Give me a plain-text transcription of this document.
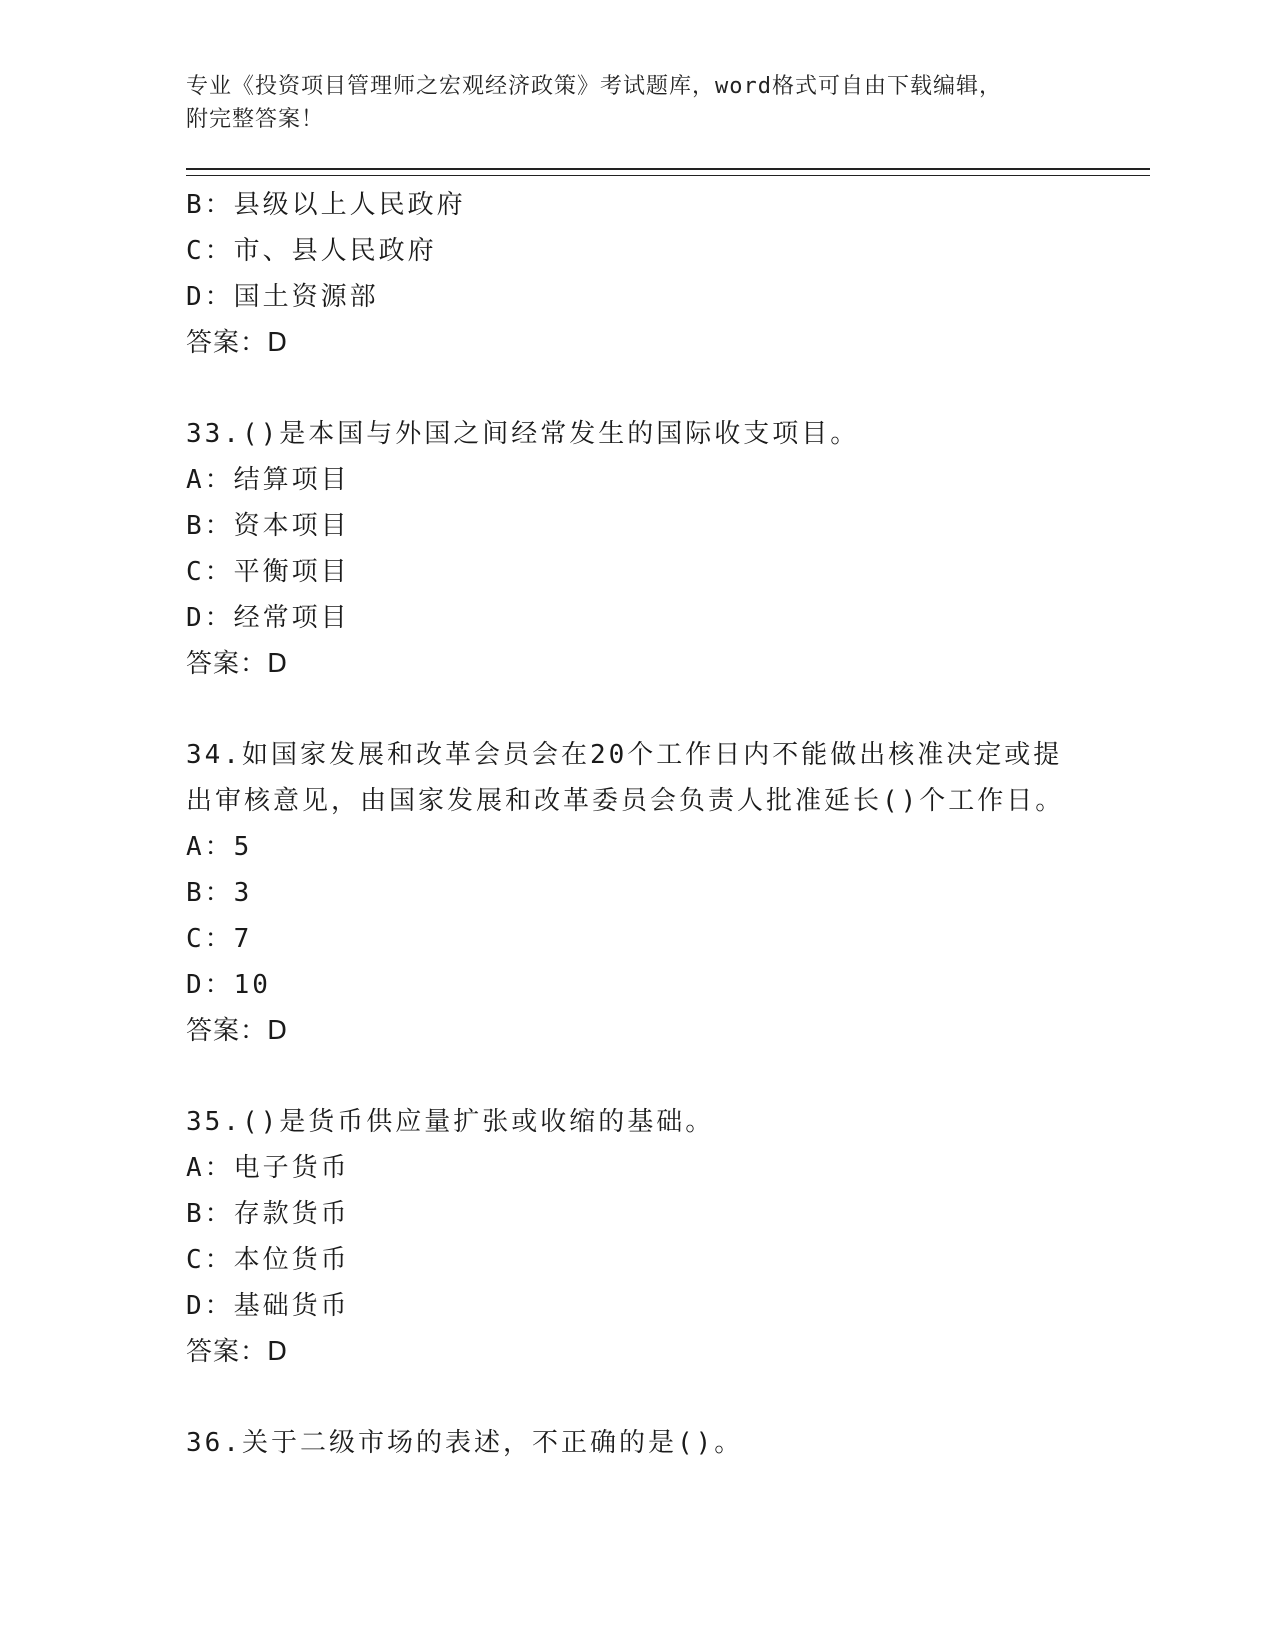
专业《投资项目管理师之宏观经济政策》考试题库，word格式可自由下载编辑，
附完整答案！

B：县级以上人民政府

C：市、县人民政府

D：国土资源部

答案：D

33.()是本国与外国之间经常发生的国际收支项目。

A：结算项目

B：资本项目

C：平衡项目

D：经常项目

答案：D

34.如国家发展和改革会员会在20个工作日内不能做出核准决定或提

出审核意见，由国家发展和改革委员会负责人批准延长()个工作日。

A：5

B：3

C：7

D：10

答案：D

35.()是货币供应量扩张或收缩的基础。

A：电子货币

B：存款货币

C：本位货币

D：基础货币

答案：D

36.关于二级市场的表述，不正确的是()。
